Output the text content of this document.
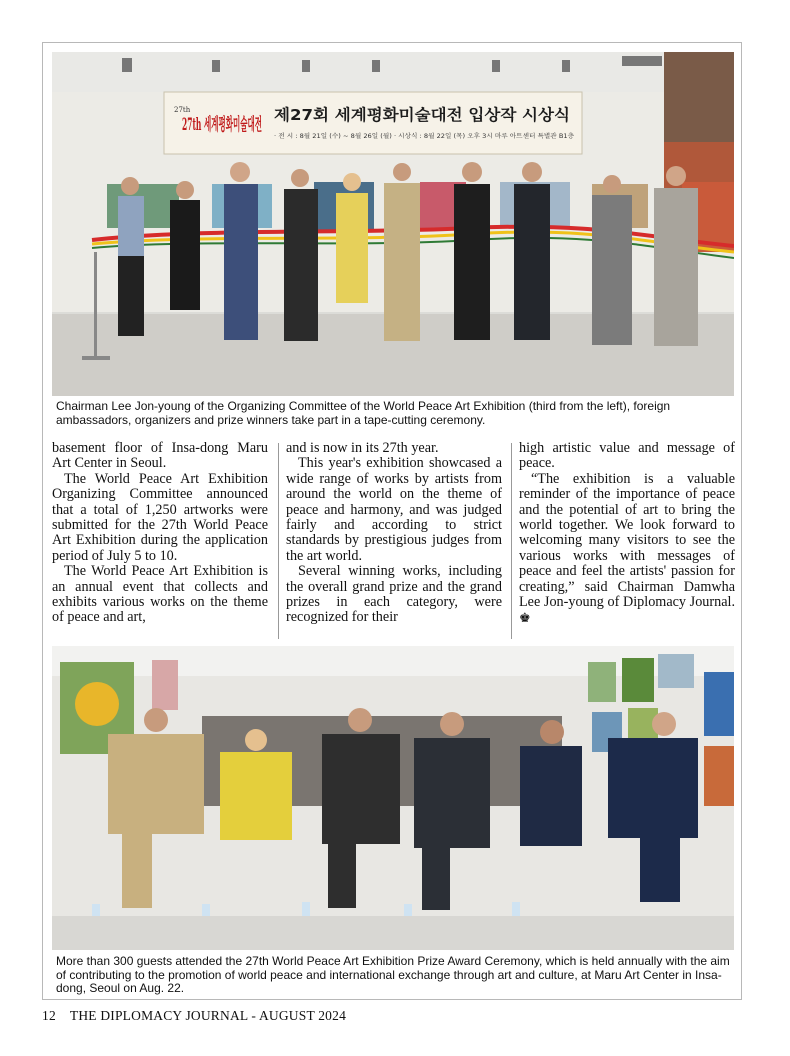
27th	제27회 세계평화미술대전 입상작 시상식
· 전 시 : 8월 21일 (수) ~ 8월 26일 (월) · 시상식 : 8월 22일 (목) 오후 3시 마루 아트센터 특별관 B1층
Chairman Lee Jon-young of the Organizing Committee of the World Peace Art Exhibition (third from the left), foreign ambassadors, organizers and prize winners take part in a tape-cutting ceremony.

basement floor of Insa-dong Maru Art Center in Seoul.

The World Peace Art Exhibition Organizing Committee announced that a total of 1,250 artworks were submitted for the 27th World Peace Art Exhibition during the application period of July 5 to 10.

The World Peace Art Exhibition is an annual event that collects and exhibits various works on the theme of peace and art,

and is now in its 27th year.

This year's exhibition showcased a wide range of works by artists from around the world on the theme of peace and harmony, and was judged fairly and according to strict standards by prestigious judges from the art world.

Several winning works, including the overall grand prize and the grand prizes in each category, were recognized for their

high artistic value and message of peace.

“The exhibition is a valuable reminder of the importance of peace and the potential of art to bring the world together. We look forward to welcoming many visitors to see the various works with messages of peace and feel the artists' passion for creating,” said Chairman Damwha Lee Jon-young of Diplomacy Journal. ♚

More than 300 guests attended the 27th World Peace Art Exhibition Prize Award Ceremony, which is held annually with the aim of contributing to the promotion of world peace and international exchange through art and culture, at Maru Art Center in Insa-dong, Seoul on Aug. 22.
12 THE DIPLOMACY JOURNAL - AUGUST 2024
